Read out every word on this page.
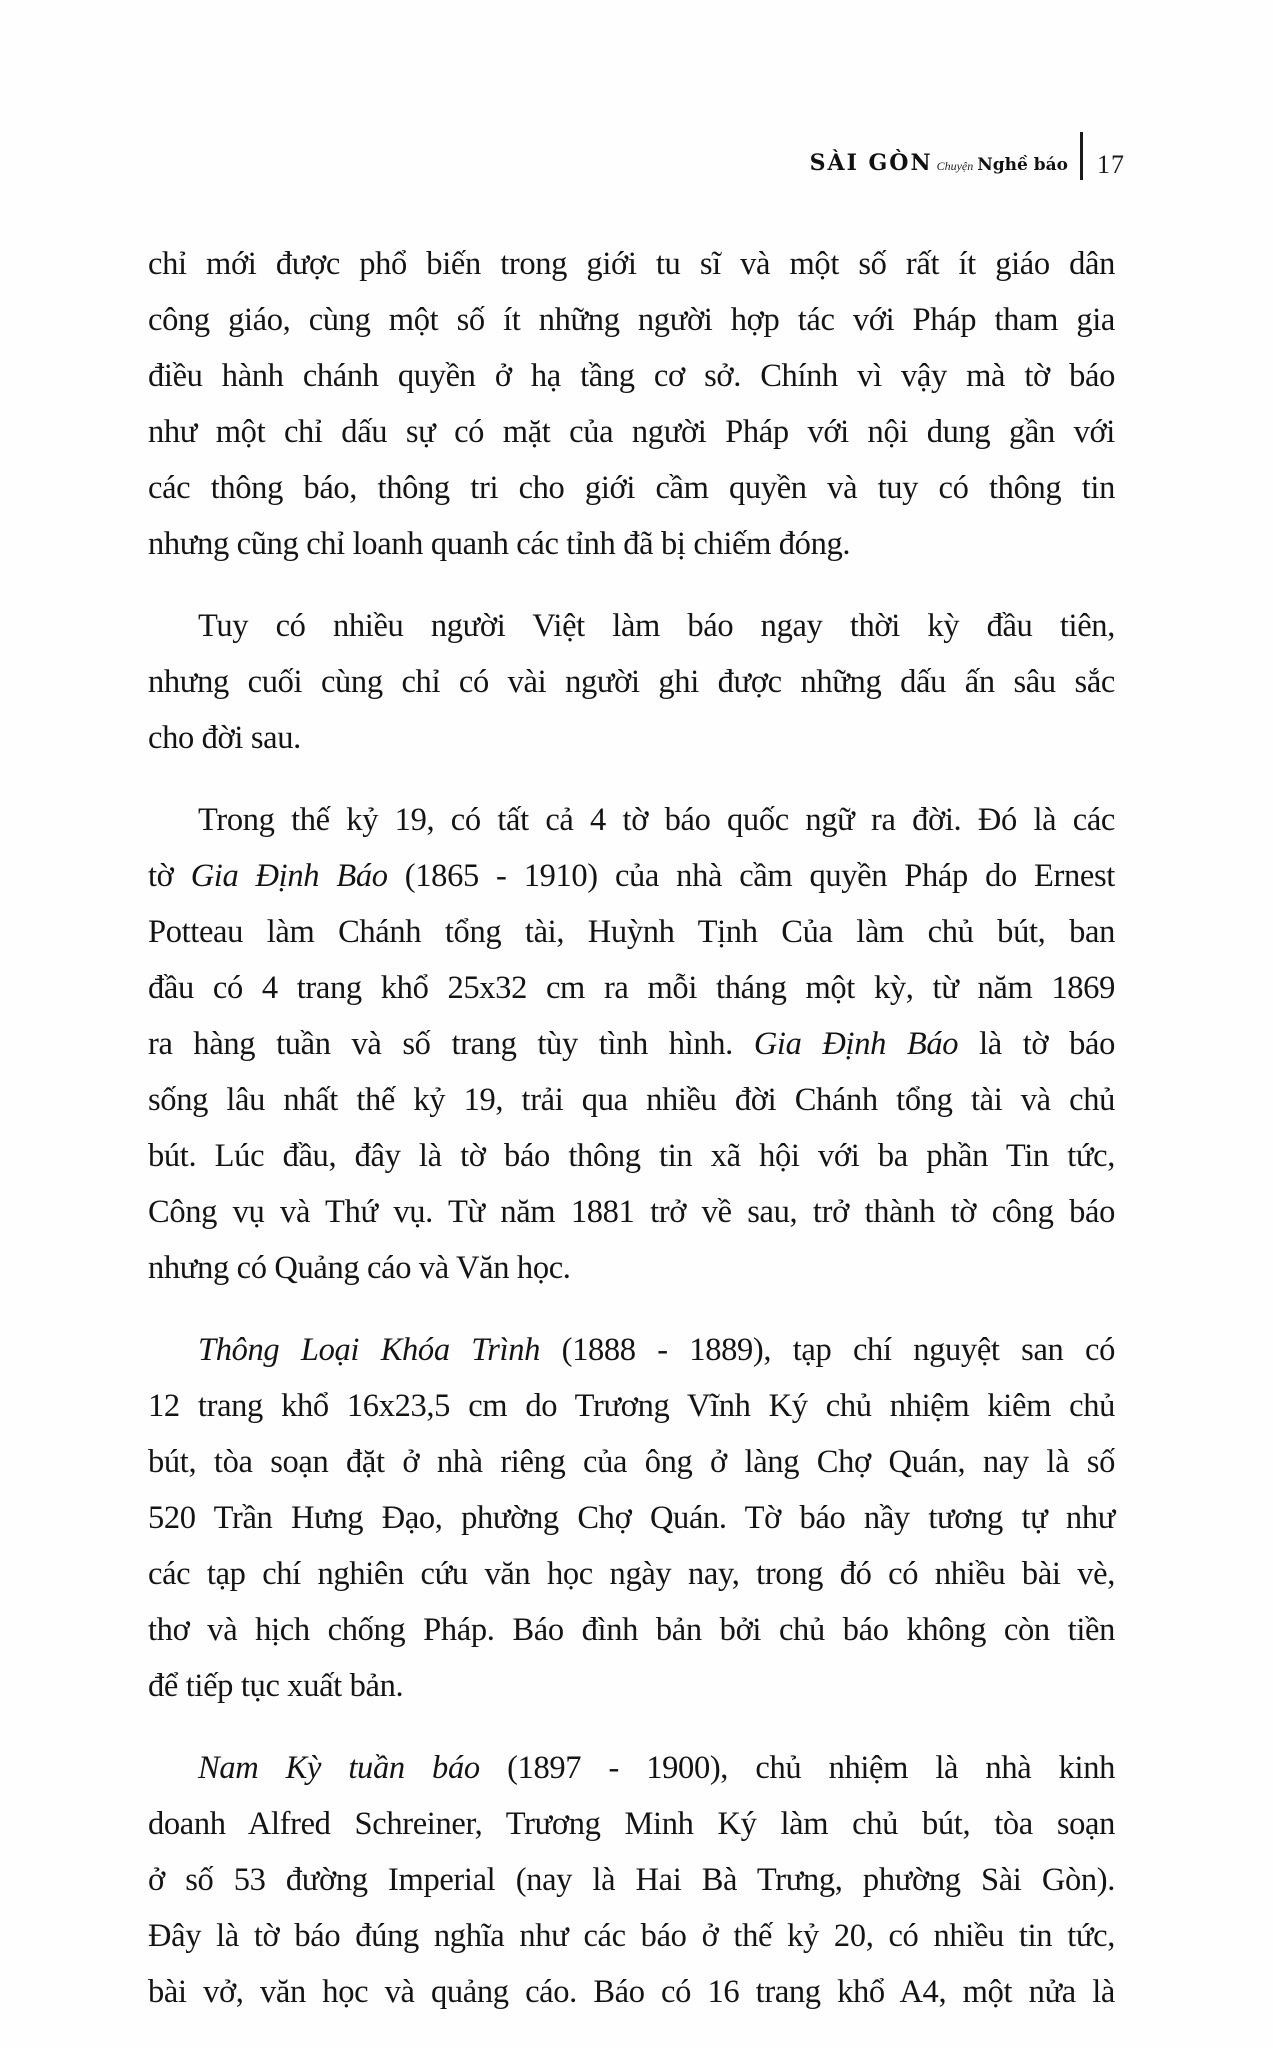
SÀI GÒN Chuyện Nghề báo 17
chỉ mới được phổ biến trong giới tu sĩ và một số rất ít giáo dân
công giáo, cùng một số ít những người hợp tác với Pháp tham gia
điều hành chánh quyền ở hạ tầng cơ sở. Chính vì vậy mà tờ báo
như một chỉ dấu sự có mặt của người Pháp với nội dung gần với
các thông báo, thông tri cho giới cầm quyền và tuy có thông tin
nhưng cũng chỉ loanh quanh các tỉnh đã bị chiếm đóng.
Tuy có nhiều người Việt làm báo ngay thời kỳ đầu tiên,
nhưng cuối cùng chỉ có vài người ghi được những dấu ấn sâu sắc
cho đời sau.
Trong thế kỷ 19, có tất cả 4 tờ báo quốc ngữ ra đời. Đó là các
tờ Gia Định Báo (1865 - 1910) của nhà cầm quyền Pháp do Ernest
Potteau làm Chánh tổng tài, Huỳnh Tịnh Của làm chủ bút, ban
đầu có 4 trang khổ 25x32 cm ra mỗi tháng một kỳ, từ năm 1869
ra hàng tuần và số trang tùy tình hình. Gia Định Báo là tờ báo
sống lâu nhất thế kỷ 19, trải qua nhiều đời Chánh tổng tài và chủ
bút. Lúc đầu, đây là tờ báo thông tin xã hội với ba phần Tin tức,
Công vụ và Thứ vụ. Từ năm 1881 trở về sau, trở thành tờ công báo
nhưng có Quảng cáo và Văn học.
Thông Loại Khóa Trình (1888 - 1889), tạp chí nguyệt san có
12 trang khổ 16x23,5 cm do Trương Vĩnh Ký chủ nhiệm kiêm chủ
bút, tòa soạn đặt ở nhà riêng của ông ở làng Chợ Quán, nay là số
520 Trần Hưng Đạo, phường Chợ Quán. Tờ báo nầy tương tự như
các tạp chí nghiên cứu văn học ngày nay, trong đó có nhiều bài vè,
thơ và hịch chống Pháp. Báo đình bản bởi chủ báo không còn tiền
để tiếp tục xuất bản.
Nam Kỳ tuần báo (1897 - 1900), chủ nhiệm là nhà kinh
doanh Alfred Schreiner, Trương Minh Ký làm chủ bút, tòa soạn
ở số 53 đường Imperial (nay là Hai Bà Trưng, phường Sài Gòn).
Đây là tờ báo đúng nghĩa như các báo ở thế kỷ 20, có nhiều tin tức,
bài vở, văn học và quảng cáo. Báo có 16 trang khổ A4, một nửa là
